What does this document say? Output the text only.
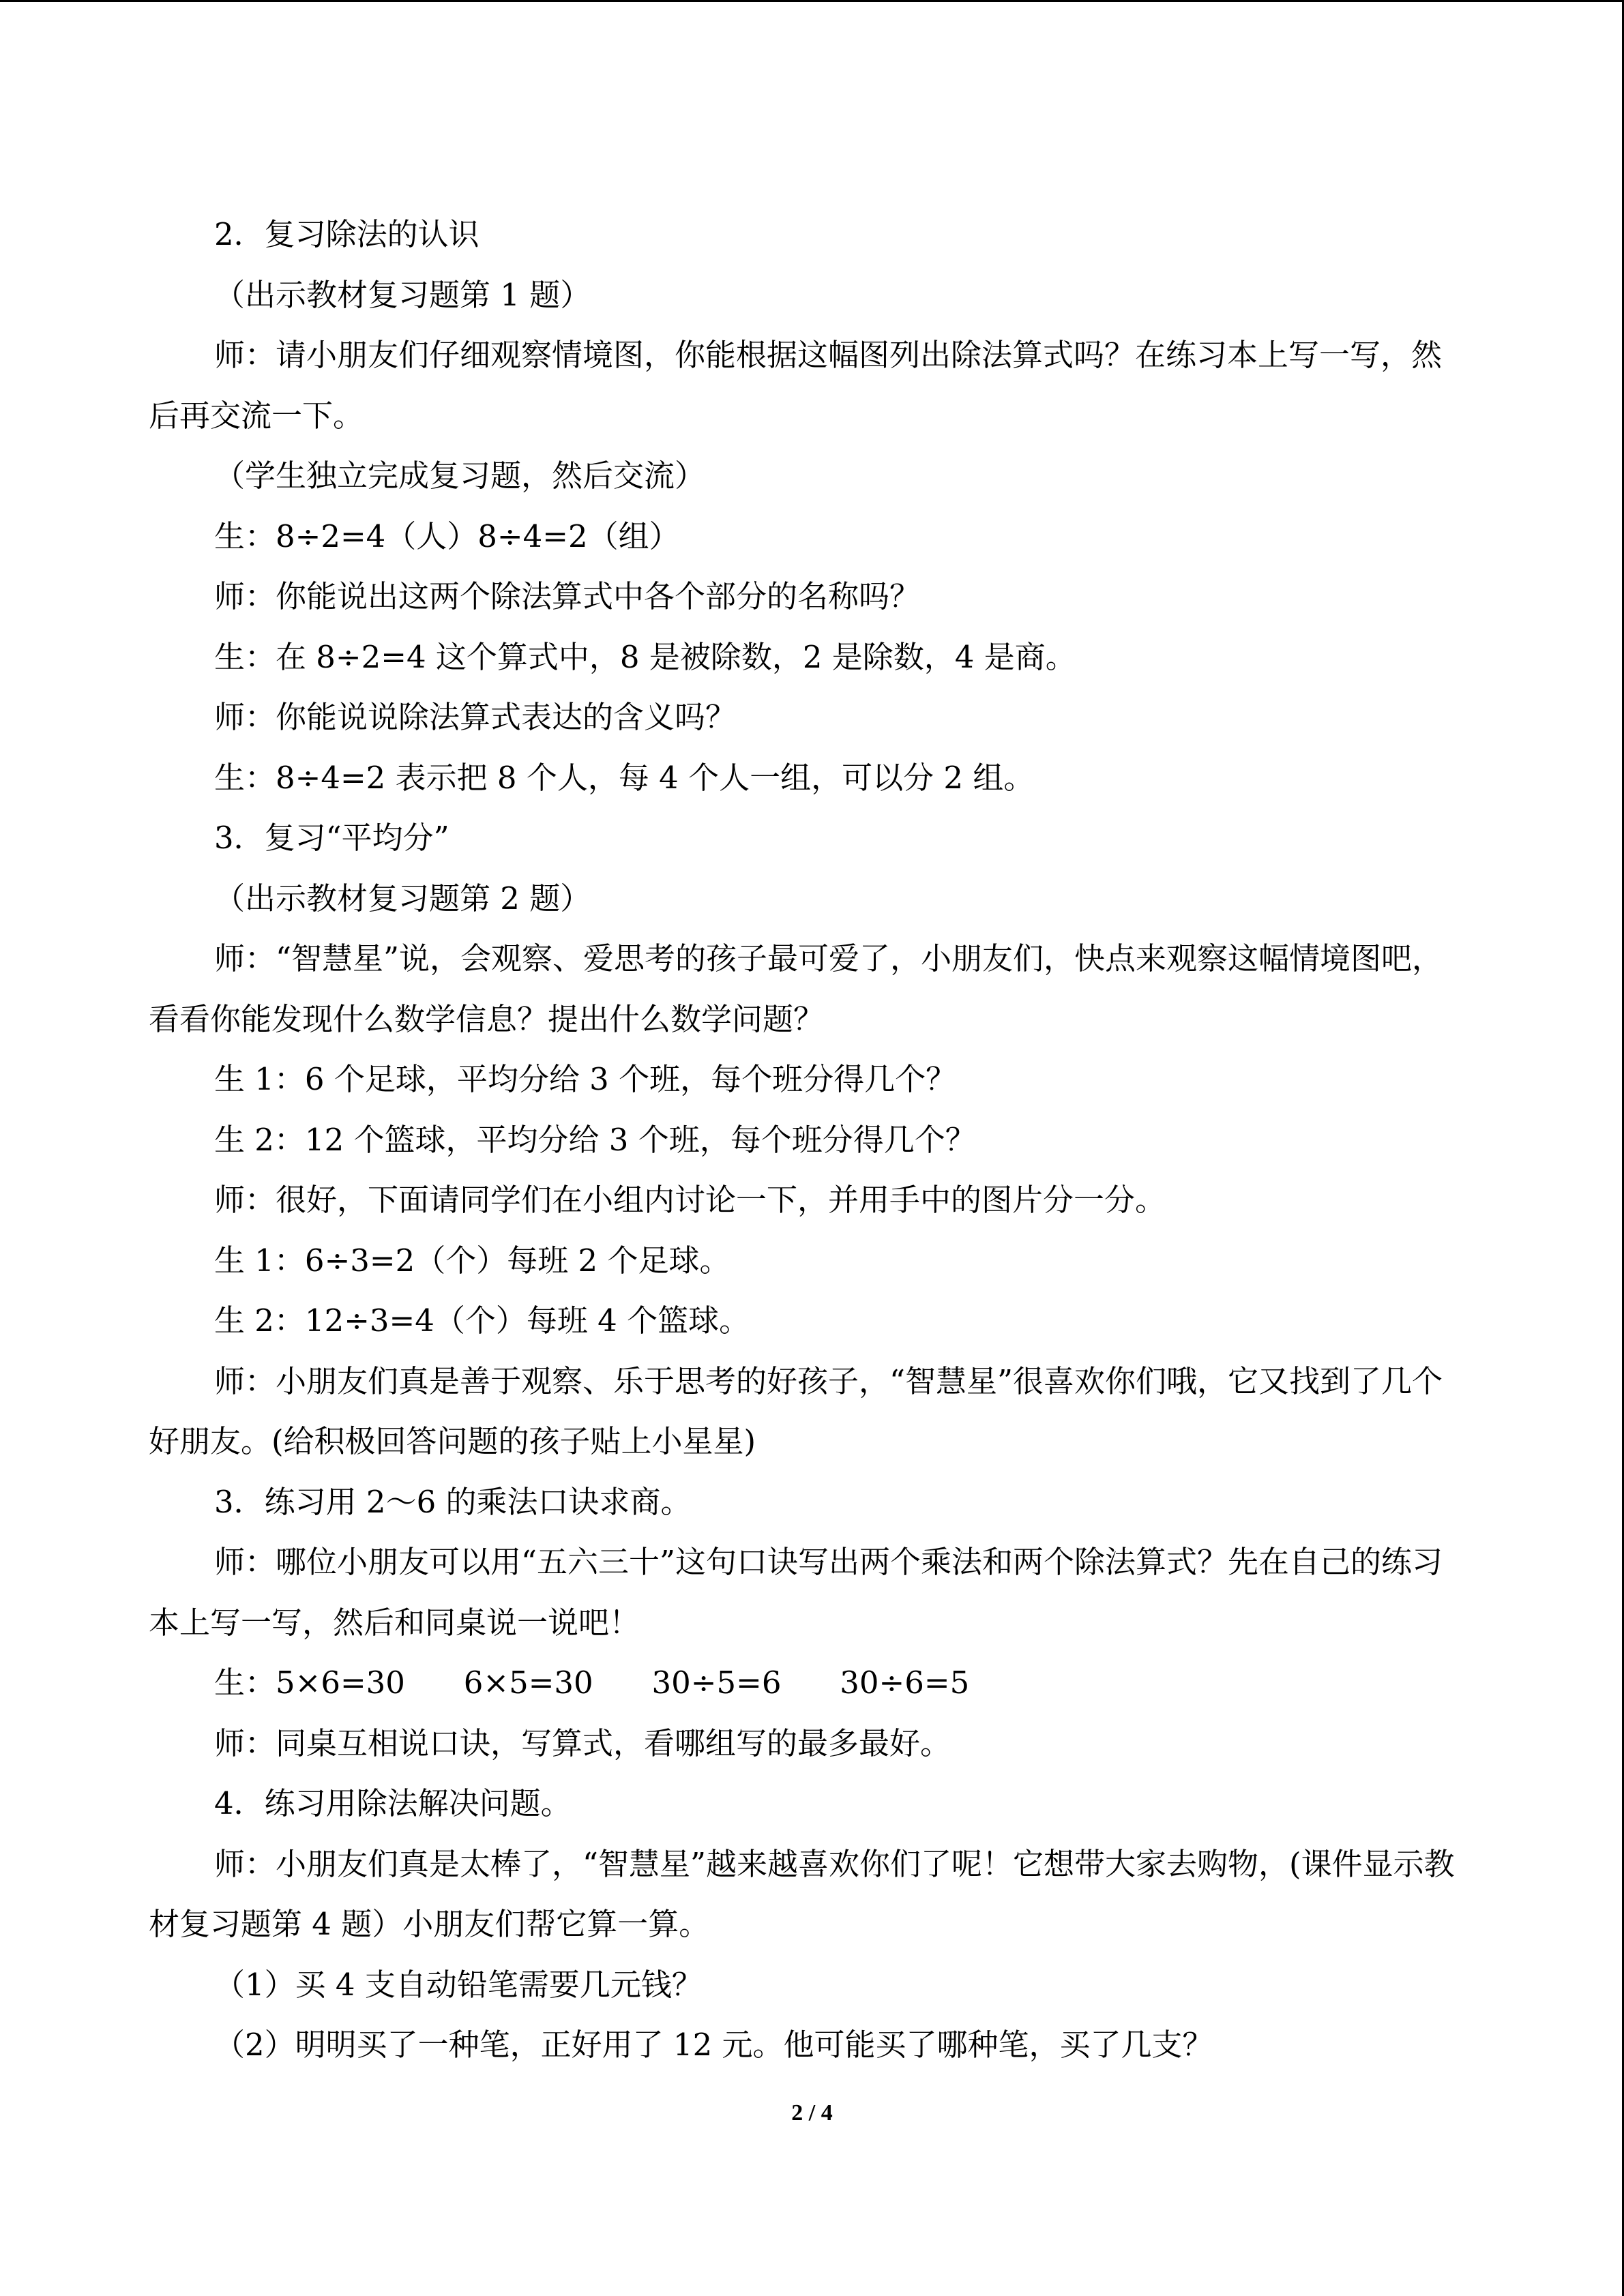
2．复习除法的认识

（出示教材复习题第 1 题）

师：请小朋友们仔细观察情境图，你能根据这幅图列出除法算式吗？在练习本上写一写，然后再交流一下。

（学生独立完成复习题，然后交流）

生：8÷2=4（人）8÷4=2（组）

师：你能说出这两个除法算式中各个部分的名称吗？

生：在 8÷2=4 这个算式中，8 是被除数，2 是除数，4 是商。

师：你能说说除法算式表达的含义吗？

生：8÷4=2 表示把 8 个人，每 4 个人一组，可以分 2 组。

3．复习“平均分”

（出示教材复习题第 2 题）

师：“智慧星”说，会观察、爱思考的孩子最可爱了，小朋友们，快点来观察这幅情境图吧，看看你能发现什么数学信息？提出什么数学问题？

生 1：6 个足球，平均分给 3 个班，每个班分得几个？

生 2：12 个篮球，平均分给 3 个班，每个班分得几个？

师：很好，下面请同学们在小组内讨论一下，并用手中的图片分一分。

生 1：6÷3=2（个）每班 2 个足球。

生 2：12÷3=4（个）每班 4 个篮球。

师：小朋友们真是善于观察、乐于思考的好孩子，“智慧星”很喜欢你们哦，它又找到了几个好朋友。(给积极回答问题的孩子贴上小星星)

3．练习用 2～6 的乘法口诀求商。

师：哪位小朋友可以用“五六三十”这句口诀写出两个乘法和两个除法算式？先在自己的练习本上写一写，然后和同桌说一说吧！

生：5×6=30      6×5=30      30÷5=6      30÷6=5

师：同桌互相说口诀，写算式，看哪组写的最多最好。

4．练习用除法解决问题。

师：小朋友们真是太棒了，“智慧星”越来越喜欢你们了呢！它想带大家去购物，(课件显示教材复习题第 4 题）小朋友们帮它算一算。

（1）买 4 支自动铅笔需要几元钱？

（2）明明买了一种笔，正好用了 12 元。他可能买了哪种笔，买了几支？

2 / 4
